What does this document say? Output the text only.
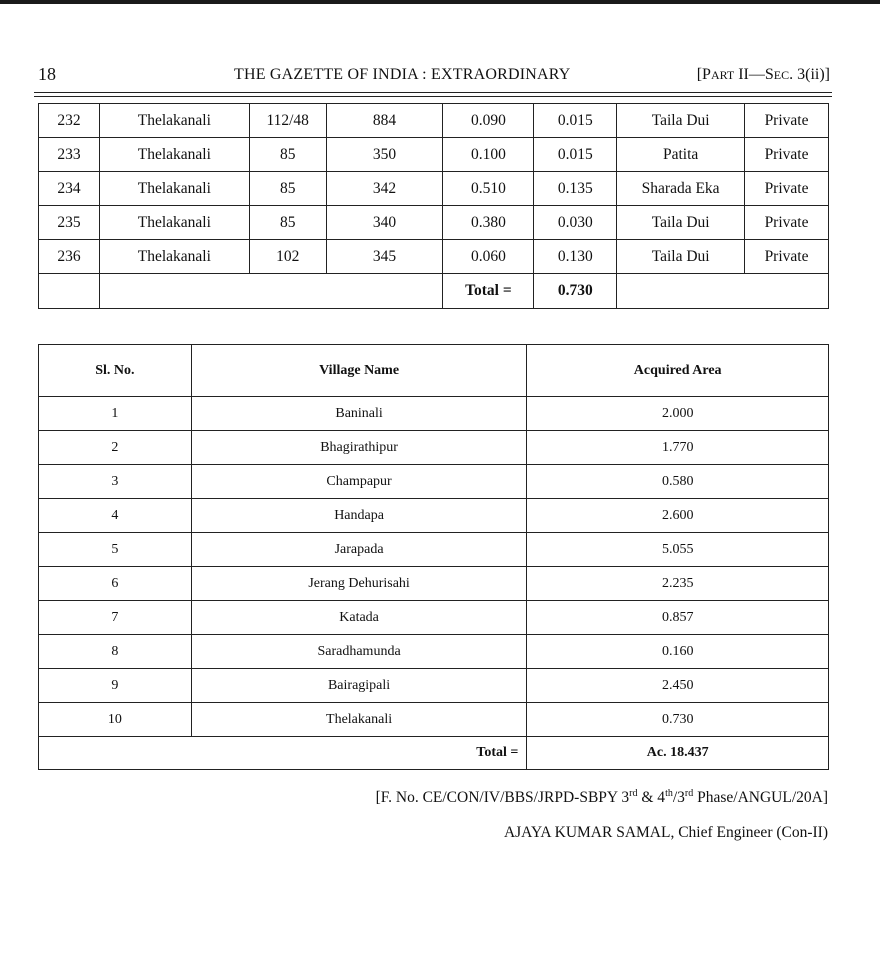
18	THE GAZETTE OF INDIA : EXTRAORDINARY	[PART II—SEC. 3(ii)]
232	Thelakanali	112/48	884	0.090	0.015	Taila Dui	Private
233	Thelakanali	85	350	0.100	0.015	Patita	Private
234	Thelakanali	85	342	0.510	0.135	Sharada Eka	Private
235	Thelakanali	85	340	0.380	0.030	Taila Dui	Private
236	Thelakanali	102	345	0.060	0.130	Taila Dui	Private
				Total =	0.730		
Sl. No.	Village Name	Acquired Area
1	Baninali	2.000
2	Bhagirathipur	1.770
3	Champapur	0.580
4	Handapa	2.600
5	Jarapada	5.055
6	Jerang Dehurisahi	2.235
7	Katada	0.857
8	Saradhamunda	0.160
9	Bairagipali	2.450
10	Thelakanali	0.730
Total =		Ac. 18.437
[F. No. CE/CON/IV/BBS/JRPD-SBPY 3rd & 4th/3rd Phase/ANGUL/20A]
AJAYA KUMAR SAMAL, Chief Engineer (Con-II)
